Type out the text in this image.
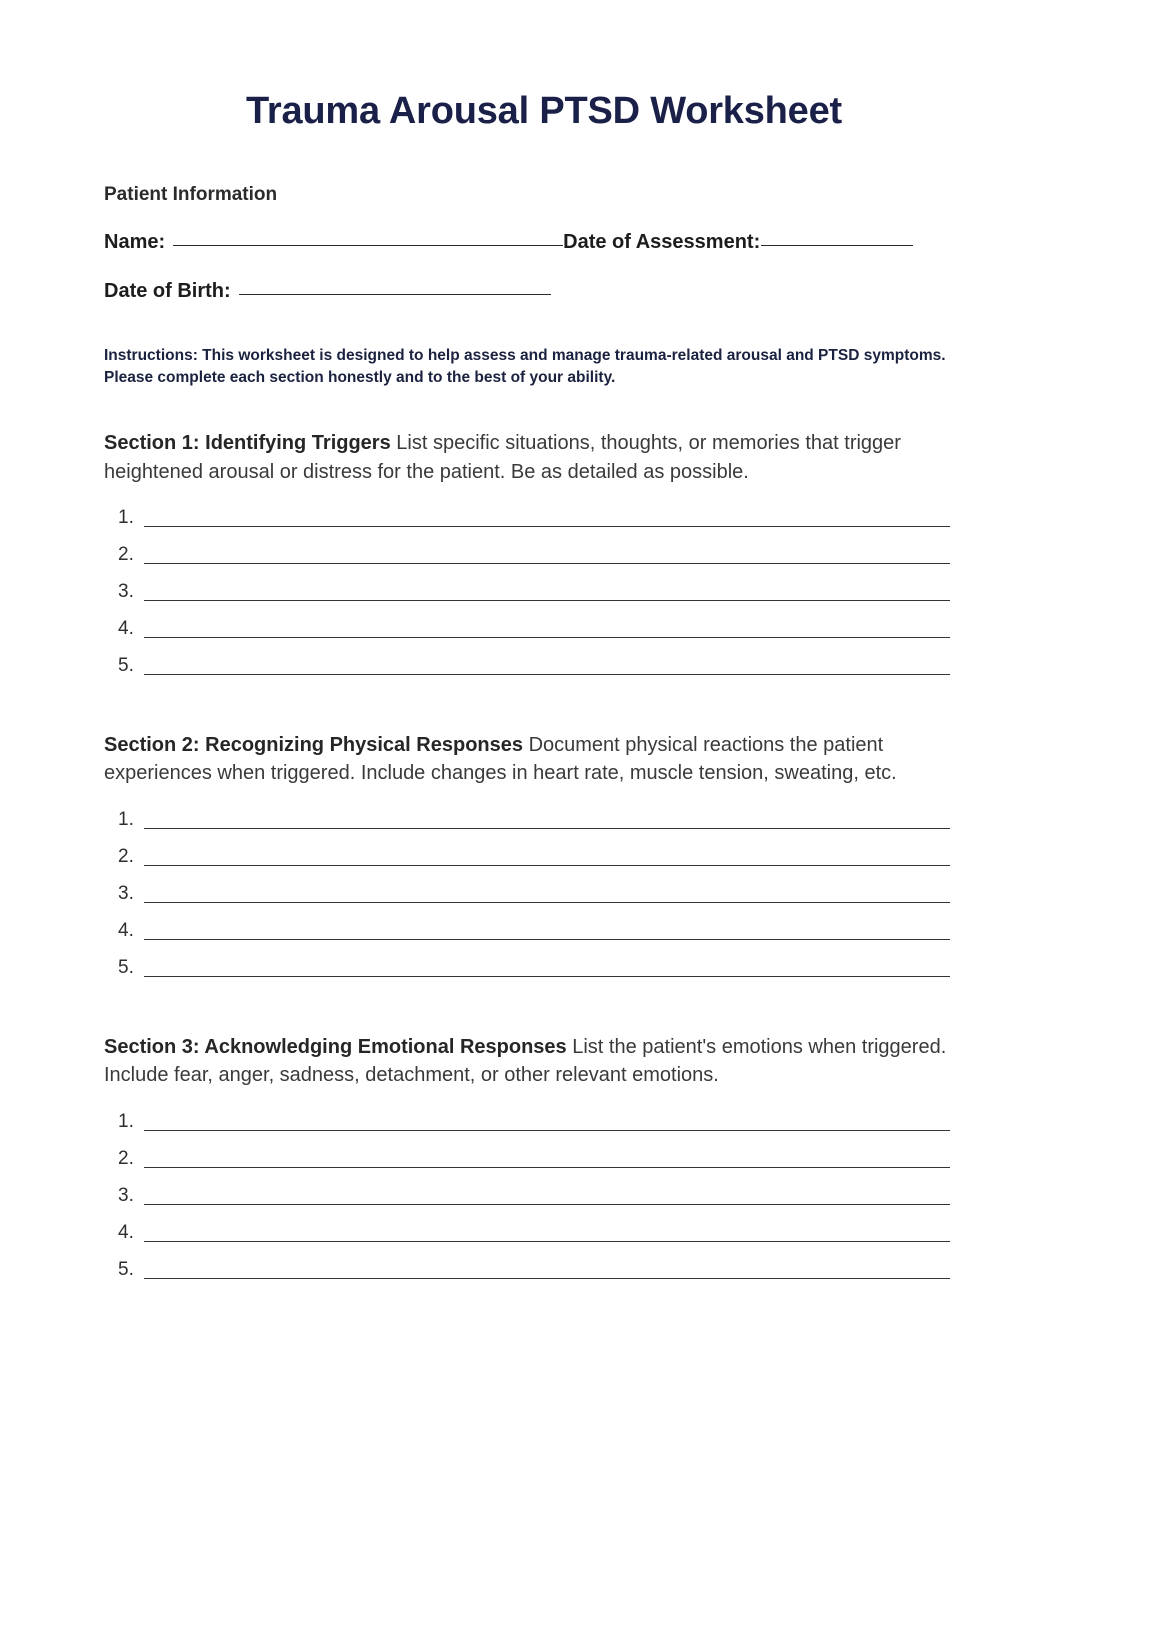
Trauma Arousal PTSD Worksheet
Patient Information
Name:	Date of Assessment:
Date of Birth:
Instructions: This worksheet is designed to help assess and manage trauma-related arousal and PTSD symptoms. Please complete each section honestly and to the best of your ability.

Section 1: Identifying Triggers List specific situations, thoughts, or memories that trigger heightened arousal or distress for the patient. Be as detailed as possible.

1.
2.
3.
4.
5.

Section 2: Recognizing Physical Responses Document physical reactions the patient experiences when triggered. Include changes in heart rate, muscle tension, sweating, etc.

1.
2.
3.
4.
5.

Section 3: Acknowledging Emotional Responses List the patient's emotions when triggered. Include fear, anger, sadness, detachment, or other relevant emotions.

1.
2.
3.
4.
5.
